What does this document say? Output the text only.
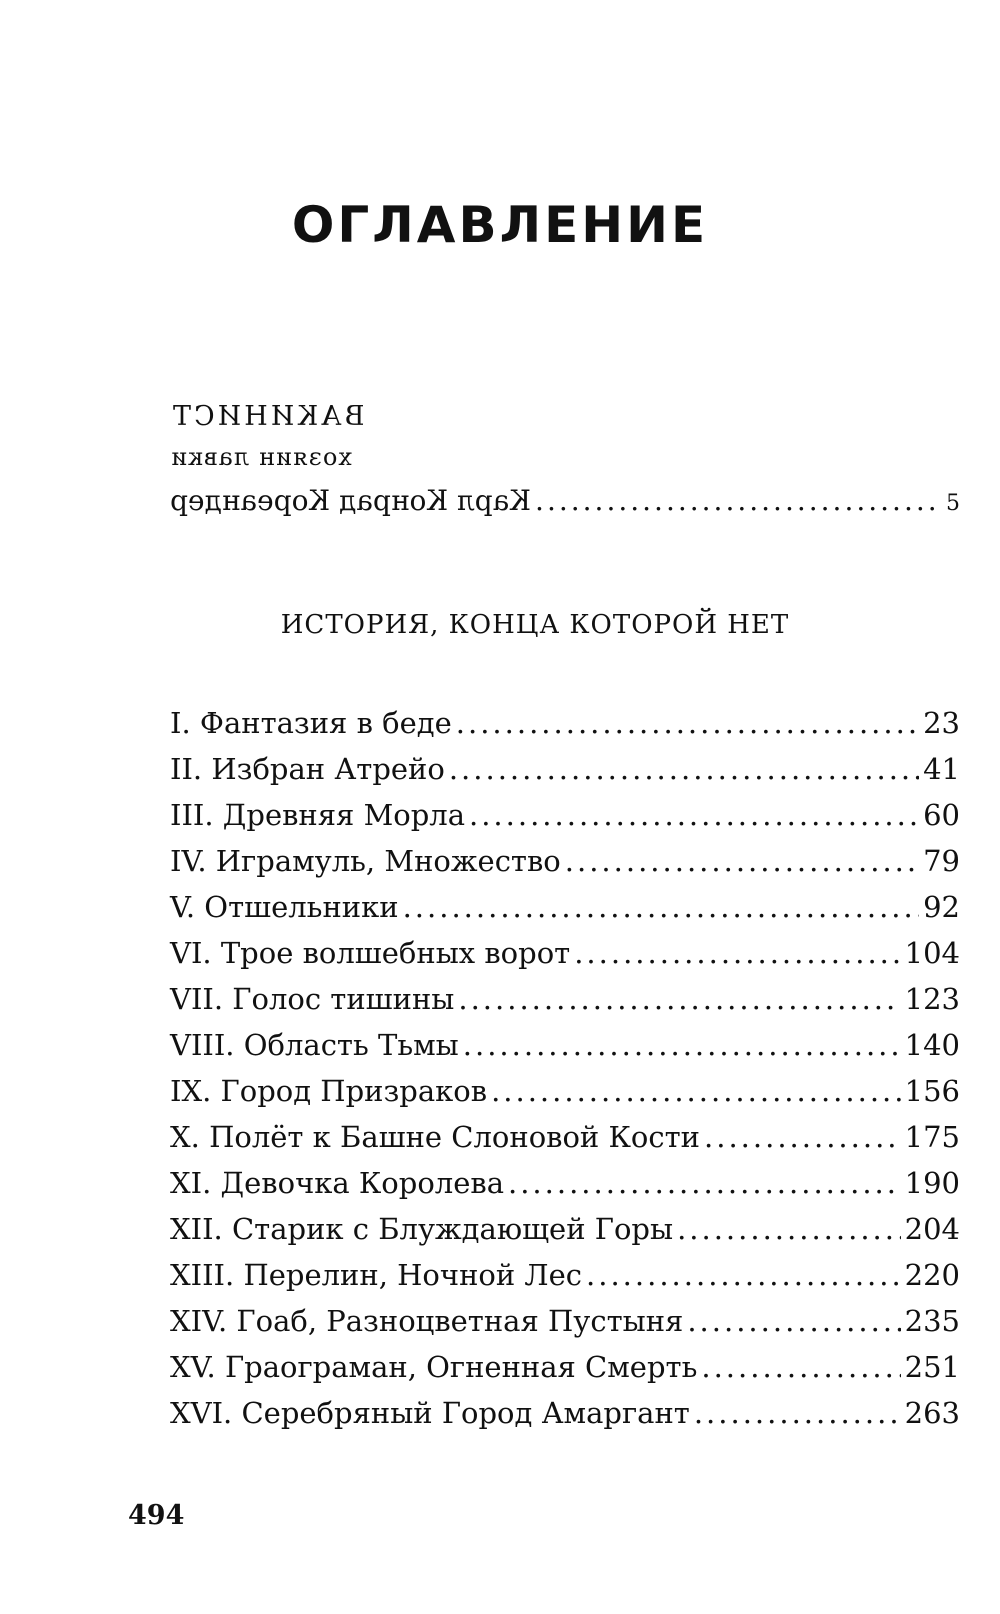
ОГЛАВЛЕНИЕ
ВАКИНИСТ
хозяин лавки
Карл Конрад Кореандер .....	5
ИСТОРИЯ, КОНЦА КОТОРОЙ НЕТ
I. Фантазия в беде .....	23
II. Избран Атрейо .....	41
III. Древняя Морла .....	60
IV. Играмуль, Множество .....	79
V. Отшельники .....	92
VI. Трое волшебных ворот .....	104
VII. Голос тишины .....	123
VIII. Область Тьмы .....	140
IX. Город Призраков .....	156
X. Полёт к Башне Слоновой Кости .....	175
XI. Девочка Королева .....	190
XII. Старик с Блуждающей Горы .....	204
XIII. Перелин, Ночной Лес .....	220
XIV. Гоаб, Разноцветная Пустыня .....	235
XV. Граограман, Огненная Смерть .....	251
XVI. Серебряный Город Амаргант .....	263
494
